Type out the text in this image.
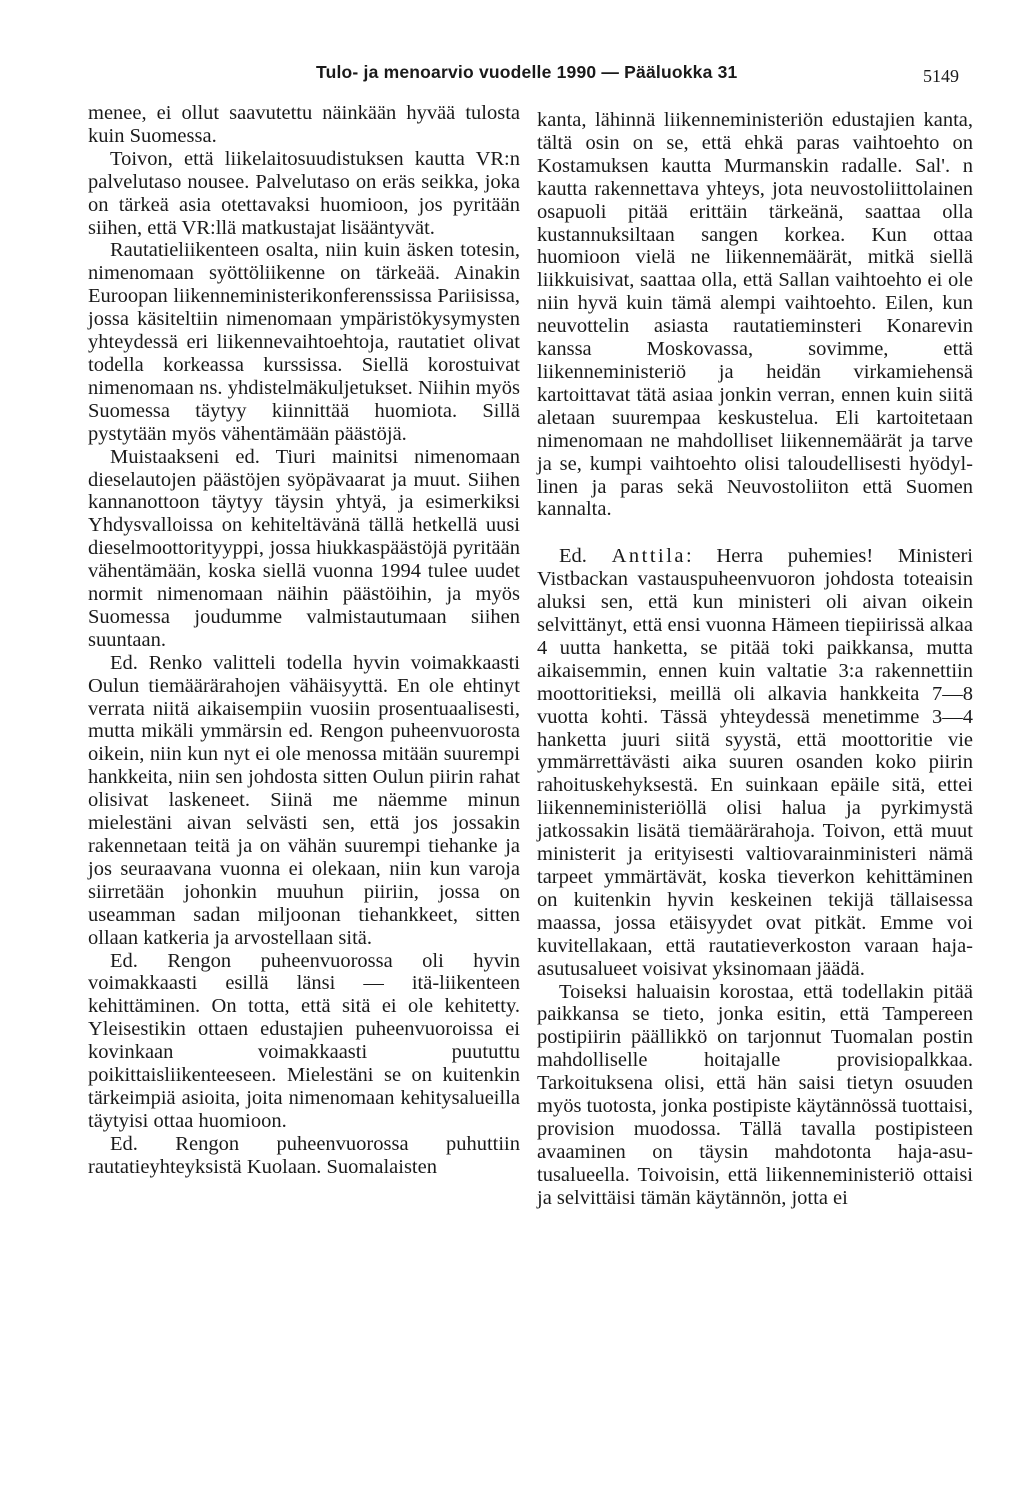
Tulo- ja menoarvio vuodelle 1990 — Pääluokka 31	5149

menee, ei ollut saavutettu näinkään hyvää tulosta kuin Suomessa.

Toivon, että liikelaitosuudistuksen kautta VR:n palvelutaso nousee. Palvelutaso on eräs seikka, joka on tärkeä asia otettavaksi huomioon, jos pyritään siihen, että VR:llä matkustajat lisääntyvät.

Rautatieliikenteen osalta, niin kuin äsken totesin, nimenomaan syöttöliikenne on tärkeää. Ainakin Euroopan liikenneministerikonferenssissa Pariisissa, jossa käsiteltiin nimenomaan ympäristökysymysten yhteydessä eri liikennevaihtoehtoja, rautatiet olivat todella korkeassa kurssissa. Siellä korostuivat nimenomaan ns. yhdistelmäkuljetukset. Niihin myös Suomessa täytyy kiinnittää huomiota. Sillä pystytään myös vähentämään päästöjä.

Muistaakseni ed. Tiuri mainitsi nimenomaan dieselautojen päästöjen syöpävaarat ja muut. Siihen kannanottoon täytyy täysin yhtyä, ja esimerkiksi Yhdysvalloissa on kehiteltävänä tällä hetkellä uusi dieselmoottorityyppi, jossa hiukkaspäästöjä pyritään vähentämään, koska siellä vuonna 1994 tulee uudet normit nimenomaan näihin päästöihin, ja myös Suomessa joudumme valmistautumaan siihen suuntaan.

Ed. Renko valitteli todella hyvin voimakkaasti Oulun tiemäärärahojen vähäisyyttä. En ole ehtinyt verrata niitä aikaisempiin vuosiin prosentuaalisesti, mutta mikäli ymmärsin ed. Rengon puheenvuorosta oikein, niin kun nyt ei ole menossa mitään suurempi hankkeita, niin sen johdosta sitten Oulun piirin rahat olisivat laskeneet. Siinä me näemme minun mielestäni aivan selvästi sen, että jos jossakin rakennetaan teitä ja on vähän suurempi tiehanke ja jos seuraavana vuonna ei olekaan, niin kun varoja siirretään johonkin muuhun piiriin, jossa on useamman sadan miljoonan tiehankkeet, sitten ollaan katkeria ja arvostellaan sitä.

Ed. Rengon puheenvuorossa oli hyvin voimakkaasti esillä länsi — itä-liikenteen kehittäminen. On totta, että sitä ei ole kehitetty. Yleisestikin ottaen edustajien puheenvuoroissa ei kovinkaan voimakkaasti puututtu poikittaisliikenteeseen. Mielestäni se on kuitenkin tärkeimpiä asioita, joita nimenomaan kehitysalueilla täytyisi ottaa huomioon.

Ed. Rengon puheenvuorossa puhuttiin rautatieyhteyksistä Kuolaan. Suomalaisten

kanta, lähinnä liikenneministeriön edustajien kanta, tältä osin on se, että ehkä paras vaihtoehto on Kostamuksen kautta Murmanskin radalle. Sal'. n kautta rakennettava yhteys, jota neuvostoliittolainen osapuoli pitää erittäin tärkeänä, saattaa olla kustannuksiltaan sangen korkea. Kun ottaa huomioon vielä ne liikennemäärät, mitkä siellä liikkuisivat, saattaa olla, että Sallan vaihtoehto ei ole niin hyvä kuin tämä alempi vaihtoehto. Eilen, kun neuvottelin asiasta rautatieminsteri Konarevin kanssa Moskovassa, sovimme, että liikenneministeriö ja heidän virkamiehensä kartoittavat tätä asiaa jonkin verran, ennen kuin siitä aletaan suurempaa keskustelua. Eli kartoitetaan nimenomaan ne mahdolliset liikennemäärät ja tarve ja se, kumpi vaihtoehto olisi taloudellisesti hyödyllinen ja paras sekä Neuvostoliiton että Suomen kannalta.

Ed. Anttila: Herra puhemies! Ministeri Vistbackan vastauspuheenvuoron johdosta toteaisin aluksi sen, että kun ministeri oli aivan oikein selvittänyt, että ensi vuonna Hämeen tiepiirissä alkaa 4 uutta hanketta, se pitää toki paikkansa, mutta aikaisemmin, ennen kuin valtatie 3:a rakennettiin moottoritieksi, meillä oli alkavia hankkeita 7—8 vuotta kohti. Tässä yhteydessä menetimme 3—4 hanketta juuri siitä syystä, että moottoritie vie ymmärrettävästi aika suuren osanden koko piirin rahoituskehyksestä. En suinkaan epäile sitä, ettei liikenneministeriöllä olisi halua ja pyrkimystä jatkossakin lisätä tiemäärärahoja. Toivon, että muut ministerit ja erityisesti valtiovarainministeri nämä tarpeet ymmärtävät, koska tieverkon kehittäminen on kuitenkin hyvin keskeinen tekijä tällaisessa maassa, jossa etäisyydet ovat pitkät. Emme voi kuvitellakaan, että rautatieverkoston varaan haja-asutusalueet voisivat yksinomaan jäädä.

Toiseksi haluaisin korostaa, että todellakin pitää paikkansa se tieto, jonka esitin, että Tampereen postipiirin päällikkö on tarjonnut Tuomalan postin mahdolliselle hoitajalle provisiopalkkaa. Tarkoituksena olisi, että hän saisi tietyn osuuden myös tuotosta, jonka postipiste käytännössä tuottaisi, provision muodossa. Tällä tavalla postipisteen avaaminen on täysin mahdotonta haja-asutusalueella. Toivoisin, että liikenneministeriö ottaisi ja selvittäisi tämän käytännön, jotta ei
